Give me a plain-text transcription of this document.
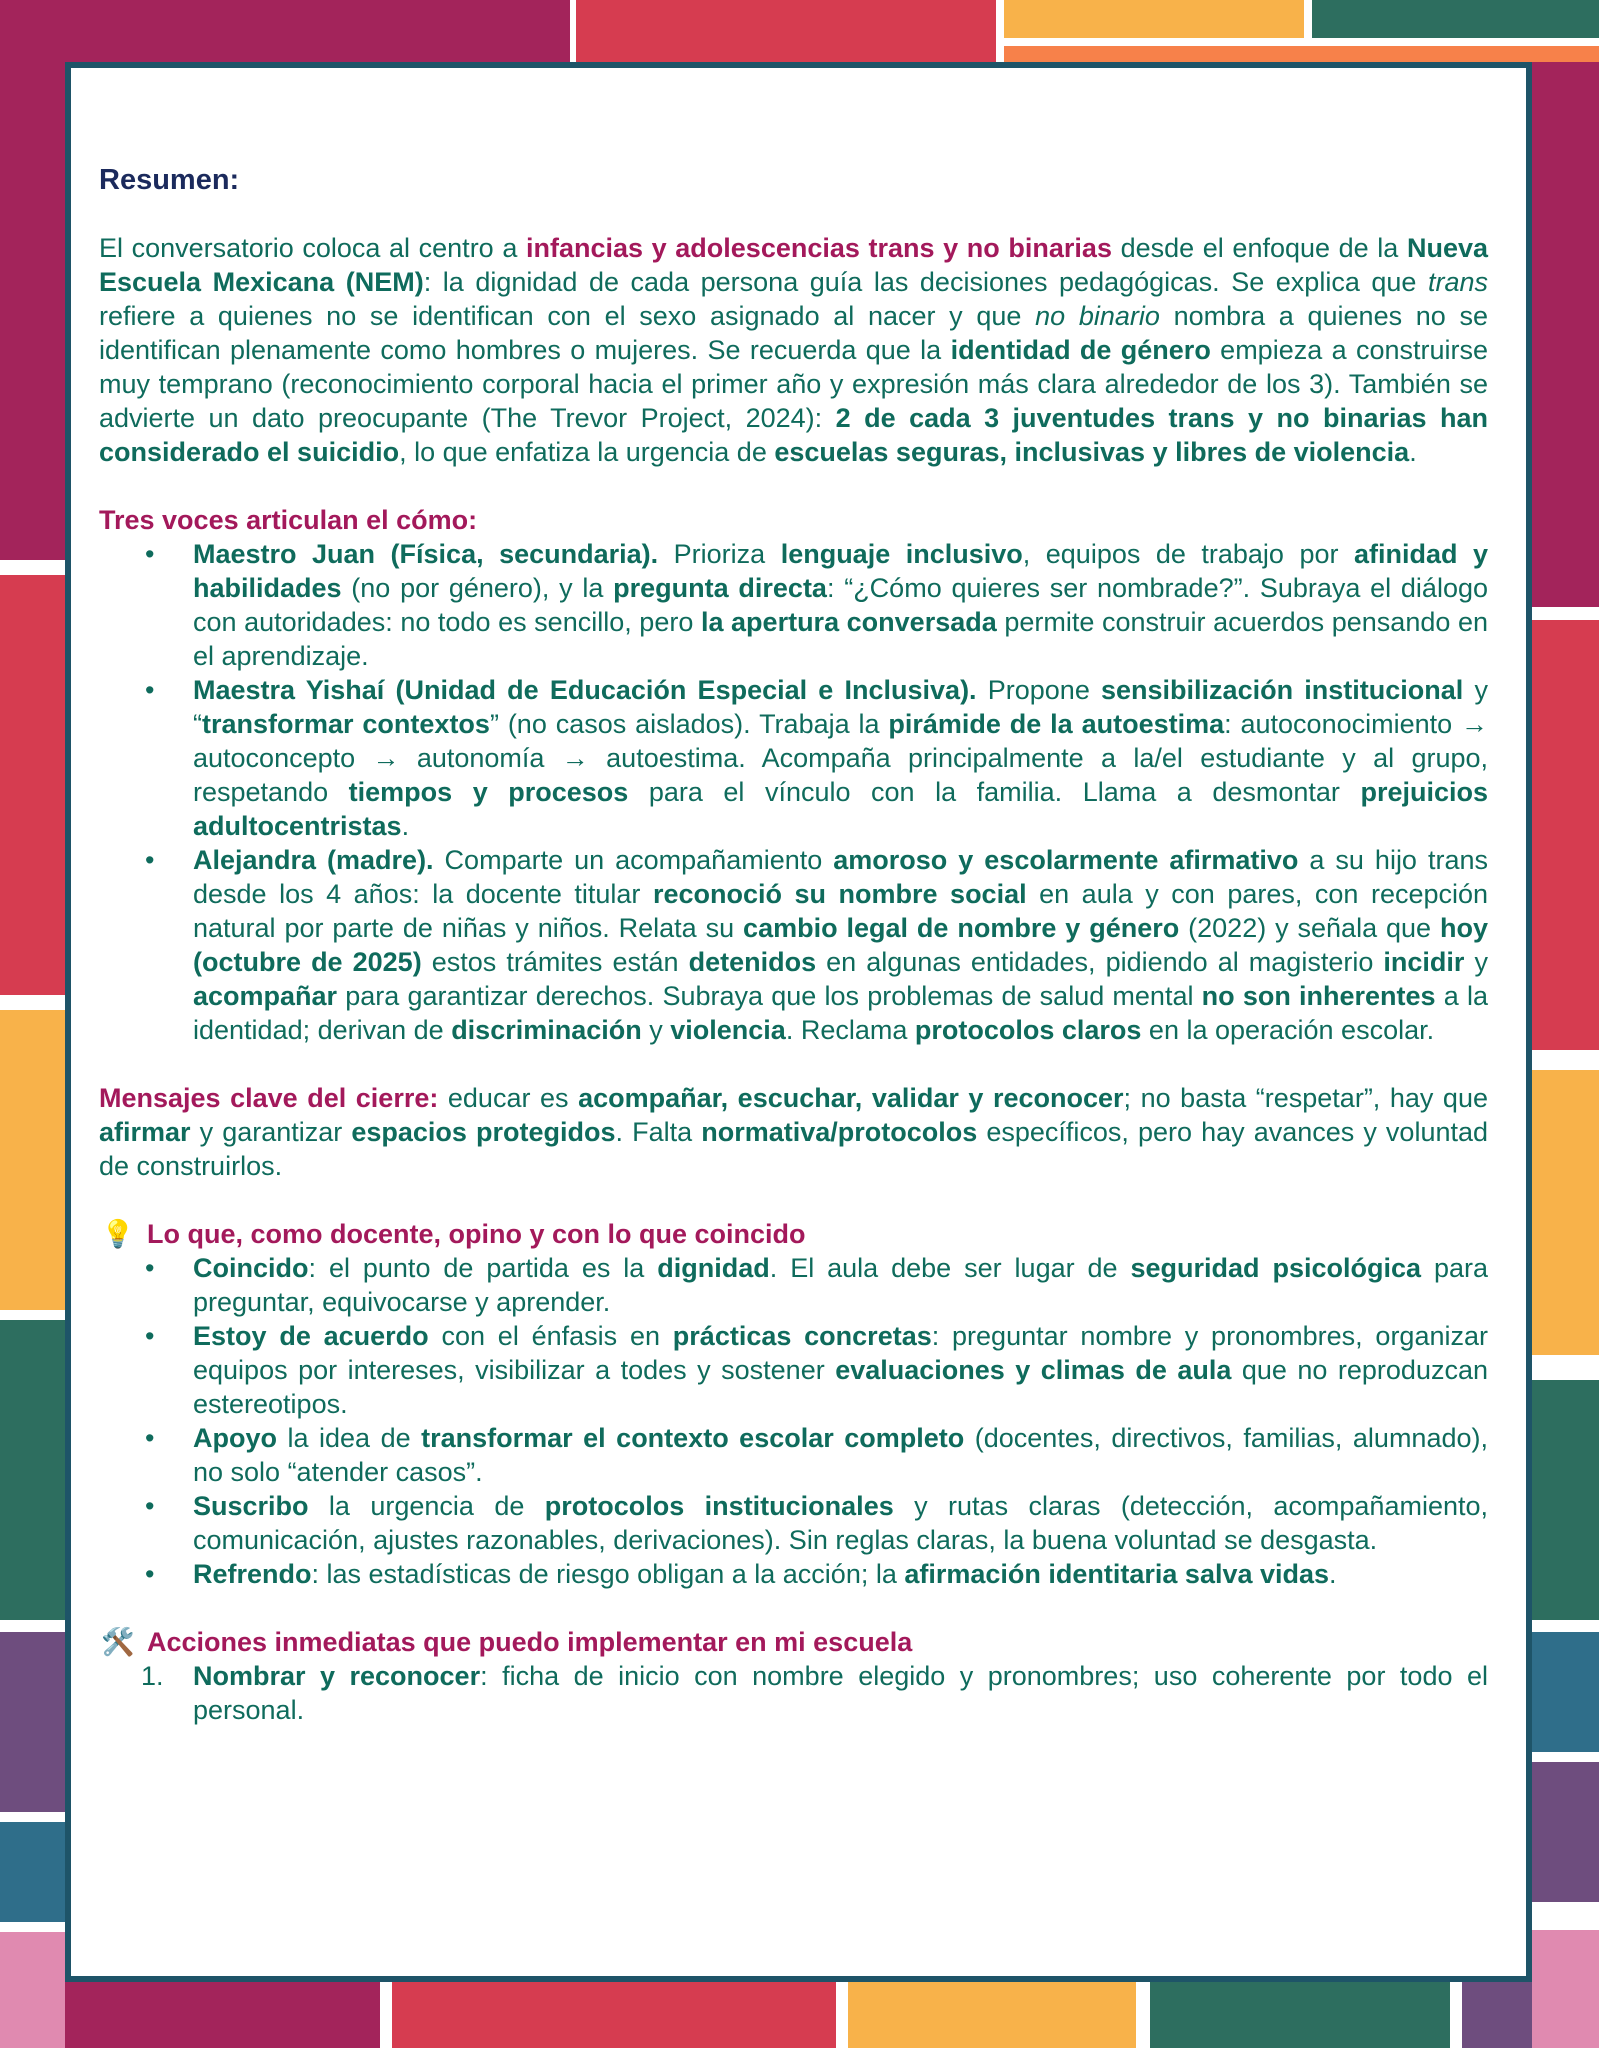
Resumen:

El conversatorio coloca al centro a infancias y adolescencias trans y no binarias desde el enfoque de la Nueva Escuela Mexicana (NEM): la dignidad de cada persona guía las decisiones pedagógicas. Se explica que trans refiere a quienes no se identifican con el sexo asignado al nacer y que no binario nombra a quienes no se identifican plenamente como hombres o mujeres. Se recuerda que la identidad de género empieza a construirse muy temprano (reconocimiento corporal hacia el primer año y expresión más clara alrededor de los 3). También se advierte un dato preocupante (The Trevor Project, 2024): 2 de cada 3 juventudes trans y no binarias han considerado el suicidio, lo que enfatiza la urgencia de escuelas seguras, inclusivas y libres de violencia.

Tres voces articulan el cómo:
• Maestro Juan (Física, secundaria). Prioriza lenguaje inclusivo, equipos de trabajo por afinidad y habilidades (no por género), y la pregunta directa: “¿Cómo quieres ser nombrade?”. Subraya el diálogo con autoridades: no todo es sencillo, pero la apertura conversada permite construir acuerdos pensando en el aprendizaje.
• Maestra Yishaí (Unidad de Educación Especial e Inclusiva). Propone sensibilización institucional y “transformar contextos” (no casos aislados). Trabaja la pirámide de la autoestima: autoconocimiento → autoconcepto → autonomía → autoestima. Acompaña principalmente a la/el estudiante y al grupo, respetando tiempos y procesos para el vínculo con la familia. Llama a desmontar prejuicios adultocentristas.
• Alejandra (madre). Comparte un acompañamiento amoroso y escolarmente afirmativo a su hijo trans desde los 4 años: la docente titular reconoció su nombre social en aula y con pares, con recepción natural por parte de niñas y niños. Relata su cambio legal de nombre y género (2022) y señala que hoy (octubre de 2025) estos trámites están detenidos en algunas entidades, pidiendo al magisterio incidir y acompañar para garantizar derechos. Subraya que los problemas de salud mental no son inherentes a la identidad; derivan de discriminación y violencia. Reclama protocolos claros en la operación escolar.

Mensajes clave del cierre: educar es acompañar, escuchar, validar y reconocer; no basta “respetar”, hay que afirmar y garantizar espacios protegidos. Falta normativa/protocolos específicos, pero hay avances y voluntad de construirlos.

💡 Lo que, como docente, opino y con lo que coincido
• Coincido: el punto de partida es la dignidad. El aula debe ser lugar de seguridad psicológica para preguntar, equivocarse y aprender.
• Estoy de acuerdo con el énfasis en prácticas concretas: preguntar nombre y pronombres, organizar equipos por intereses, visibilizar a todes y sostener evaluaciones y climas de aula que no reproduzcan estereotipos.
• Apoyo la idea de transformar el contexto escolar completo (docentes, directivos, familias, alumnado), no solo “atender casos”.
• Suscribo la urgencia de protocolos institucionales y rutas claras (detección, acompañamiento, comunicación, ajustes razonables, derivaciones). Sin reglas claras, la buena voluntad se desgasta.
• Refrendo: las estadísticas de riesgo obligan a la acción; la afirmación identitaria salva vidas.
🛠️ Acciones inmediatas que puedo implementar en mi escuela
1. Nombrar y reconocer: ficha de inicio con nombre elegido y pronombres; uso coherente por todo el personal.
